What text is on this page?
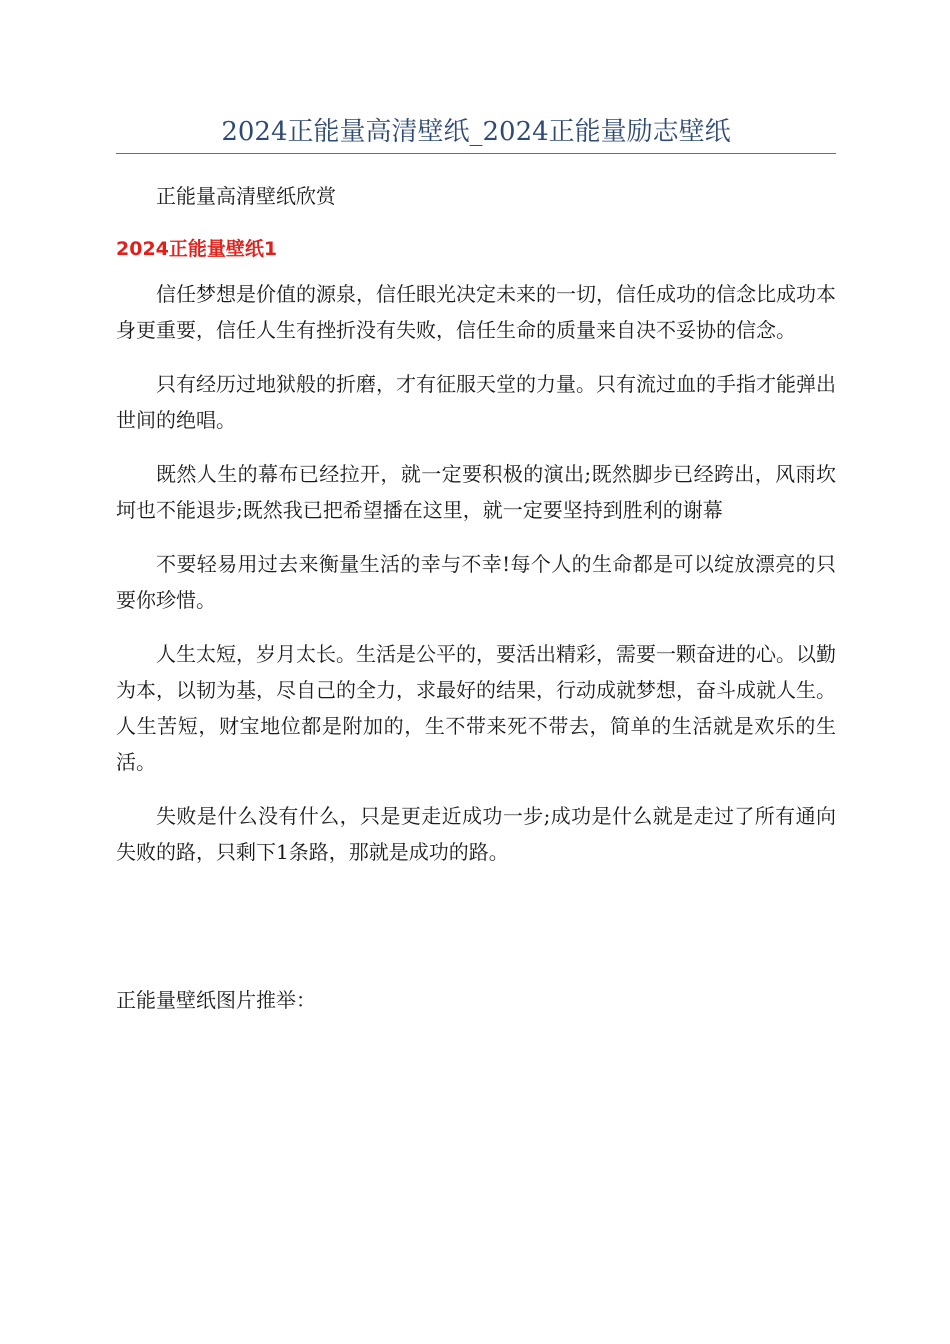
2024正能量高清壁纸_2024正能量励志壁纸
正能量高清壁纸欣赏
2024正能量壁纸1

信任梦想是价值的源泉，信任眼光决定未来的一切，信任成功的信念比成功本身更重要，信任人生有挫折没有失败，信任生命的质量来自决不妥协的信念。

只有经历过地狱般的折磨，才有征服天堂的力量。只有流过血的手指才能弹出世间的绝唱。

既然人生的幕布已经拉开，就一定要积极的演出;既然脚步已经跨出，风雨坎坷也不能退步;既然我已把希望播在这里，就一定要坚持到胜利的谢幕

不要轻易用过去来衡量生活的幸与不幸!每个人的生命都是可以绽放漂亮的只要你珍惜。

人生太短，岁月太长。生活是公平的，要活出精彩，需要一颗奋进的心。以勤为本，以韧为基，尽自己的全力，求最好的结果，行动成就梦想，奋斗成就人生。人生苦短，财宝地位都是附加的，生不带来死不带去，简单的生活就是欢乐的生活。

失败是什么没有什么，只是更走近成功一步;成功是什么就是走过了所有通向失败的路，只剩下1条路，那就是成功的路。

正能量壁纸图片推举：
